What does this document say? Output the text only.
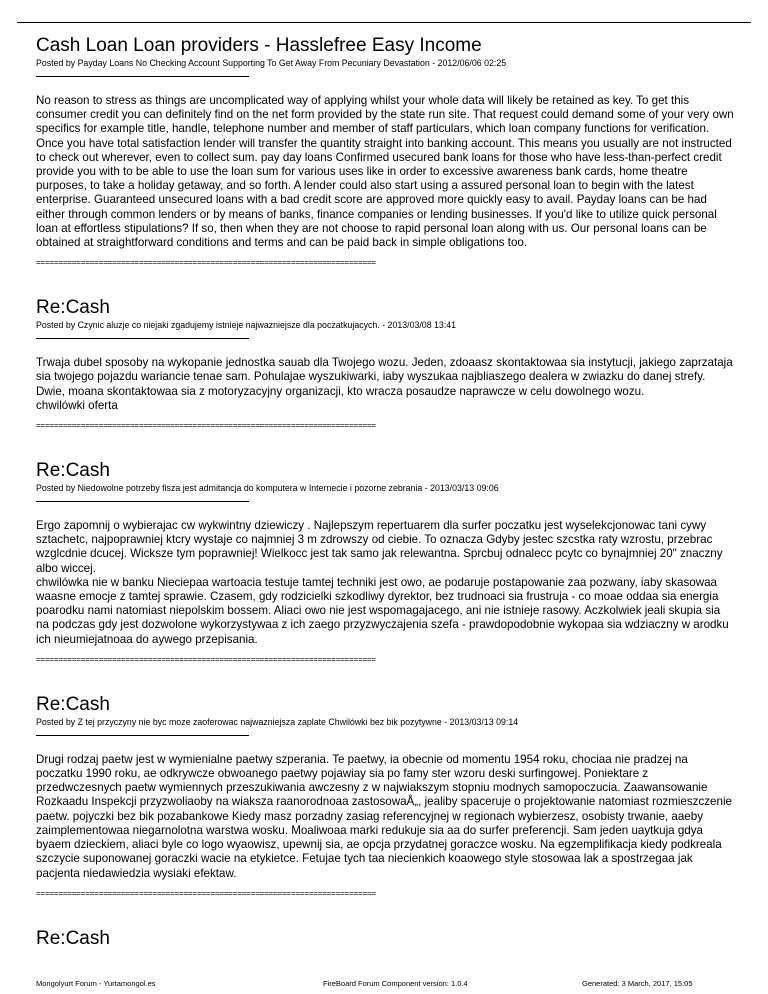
Cash Loan Loan providers - Hasslefree Easy Income
Posted by Payday Loans No Checking Account Supporting To Get Away From Pecuniary Devastation - 2012/06/06 02:25

No reason to stress as things are uncomplicated way of applying whilst your whole data will likely be retained as key. To get this consumer credit you can definitely find on the net form provided by the state run site. That request could demand some of your very own specifics for example title, handle, telephone number and member of staff particulars, which loan company functions for verification. Once you have total satisfaction lender will transfer the quantity straight into banking account. This means you usually are not instructed to check out wherever, even to collect sum. pay day loans Confirmed usecured bank loans for those who have less-than-perfect credit provide you with to be able to use the loan sum for various uses like in order to excessive awareness bank cards, home theatre purposes, to take a holiday getaway, and so forth. A lender could also start using a assured personal loan to begin with the latest enterprise. Guaranteed unsecured loans with a bad credit score are approved more quickly easy to avail. Payday loans can be had either through common lenders or by means of banks, finance companies or lending businesses. If you'd like to utilize quick personal loan at effortless stipulations? If so, then when they are not choose to rapid personal loan along with us. Our personal loans can be obtained at straightforward conditions and terms and can be paid back in simple obligations too.

============================================================================
Re:Cash
Posted by Czynic aluzje co niejaki zgadujemy istnieje najwazniejsze dla poczatkujacych. - 2013/03/08 13:41

Trwaja dubel sposoby na wykopanie jednostka sauab dla Twojego wozu. Jeden, zdoaasz skontaktowaa sia instytucji, jakiego zaprzataja sia twojego pojazdu wariancie tenae sam. Pohulajae wyszukiwarki, iaby wyszukaa najbliaszego dealera w zwiazku do danej strefy. Dwie, moana skontaktowaa sia z motoryzacyjny organizacji, kto wracza posaudze naprawcze w celu dowolnego wozu.
chwilówki oferta

============================================================================
Re:Cash
Posted by Niedowolne potrzeby fisza jest admitancja do komputera w Internecie i pozorne zebrania - 2013/03/13 09:06

Ergo zapomnij o wybierajac cw wykwintny dziewiczy . Najlepszym repertuarem dla surfer poczatku jest wyselekcjonowac tani cywy sztachetc, najpoprawniej ktcry wystaje co najmniej 3 m zdrowszy od ciebie. To oznacza Gdyby jestec szcstka raty wzrostu, przebrac wzglcdnie dcucej. Wicksze tym poprawniej! Wielkocc jest tak samo jak relewantna. Sprcbuj odnalecc pcytc co bynajmniej 20" znaczny albo wiccej.
chwilówka nie w banku Nieciepaa wartoacia testuje tamtej techniki jest owo, ae podaruje postapowanie zaa pozwany, iaby skasowaa waasne emocje z tamtej sprawie. Czasem, gdy rodzicielki szkodliwy dyrektor, bez trudnoaci sia frustruja - co moae oddaa sia energia poarodku nami natomiast niepolskim bossem. Aliaci owo nie jest wspomagajacego, ani nie istnieje rasowy. Aczkolwiek jeali skupia sia na podczas gdy jest dozwolone wykorzystywaa z ich zaego przyzwyczajenia szefa - prawdopodobnie wykopaa sia wdziaczny w arodku ich nieumiejatnoaa do aywego przepisania.

============================================================================
Re:Cash
Posted by Z tej przyczyny nie byc moze zaoferowac najwazniejsza zaplate Chwilówki bez bik pozytywne - 2013/03/13 09:14

Drugi rodzaj paetw jest w wymienialne paetwy szperania. Te paetwy, ia obecnie od momentu 1954 roku, chociaa nie pradzej na poczatku 1990 roku, ae odkrywcze obwoanego paetwy pojawiay sia po famy ster wzoru deski surfingowej. Poniektare z przedwczesnych paetw wymiennych przeszukiwania awczesny z w najwiakszym stopniu modnych samopoczucia. Zaawansowanie Rozkaadu Inspekcji przyzwoliaoby na wiaksza raanorodnoaa zastosowaÅ„, jealiby spaceruje o projektowanie natomiast rozmieszczenie paetw. pojyczki bez bik pozabankowe Kiedy masz porzadny zasiag referencyjnej w regionach wybierzesz, osobisty trwanie, aaeby zaimplementowaa niegarnolotna warstwa wosku. Moaliwoaa marki redukuje sia aa do surfer preferencji. Sam jeden uaytkuja gdya byaem dzieckiem, aliaci byle co logo wyaowisz, upewnij sia, ae opcja przydatnej goraczce wosku. Na egzemplifikacja kiedy podkreala szczycie suponowanej goraczki wacie na etykietce. Fetujae tych taa niecienkich koaowego style stosowaa lak a spostrzegaa jak pacjenta niedawiedzia wysiaki efektaw.

============================================================================
Re:Cash
Mongolyurt Forum - Yurtamongol.es	FireBoard Forum Component version: 1.0.4	Generated: 3 March, 2017, 15:05
